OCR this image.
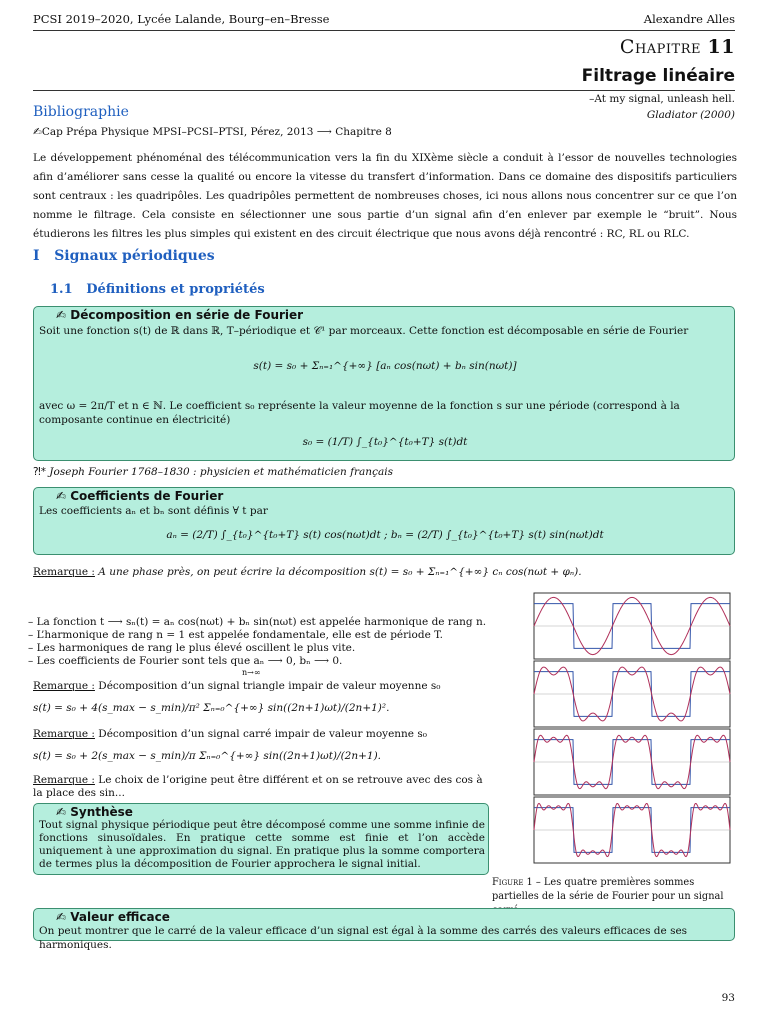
PCSI 2019–2020, Lycée Lalande, Bourg–en–Bresse	Alexandre Alles
Chapitre 11
Filtrage linéaire
–At my signal, unleash hell.
Gladiator (2000)
Bibliographie
✍Cap Prépa Physique MPSI–PCSI–PTSI, Pérez, 2013 ⟶ Chapitre 8
Le développement phénoménal des télécommunication vers la fin du XIXème siècle a conduit à l’essor de nouvelles technologies afin d’améliorer sans cesse la qualité ou encore la vitesse du transfert d’information. Dans ce domaine des dispositifs particuliers sont centraux : les quadripôles. Les quadripôles permettent de nombreuses choses, ici nous allons nous concentrer sur ce que l’on nomme le filtrage. Cela consiste en sélectionner une sous partie d’un signal afin d’en enlever par exemple le “bruit”. Nous étudierons les filtres les plus simples qui existent en des circuit électrique que nous avons déjà rencontré : RC, RL ou RLC.
I Signaux périodiques
1.1 Définitions et propriétés
✍ Décomposition en série de Fourier
Soit une fonction s(t) de ℝ dans ℝ, T–périodique et 𝒞¹ par morceaux. Cette fonction est décomposable en série de Fourier
s(t) = s₀ + Σₙ₌₁^{+∞} [aₙ cos(nωt) + bₙ sin(nωt)]
avec ω = 2π/T et n ∈ ℕ. Le coefficient s₀ représente la valeur moyenne de la fonction s sur une période (correspond à la composante continue en électricité)
s₀ = (1/T) ∫_{t₀}^{t₀+T} s(t)dt
⁈* Joseph Fourier 1768–1830 : physicien et mathématicien français
✍ Coefficients de Fourier
Les coefficients aₙ et bₙ sont définis ∀ t par
aₙ = (2/T) ∫_{t₀}^{t₀+T} s(t) cos(nωt)dt ; bₙ = (2/T) ∫_{t₀}^{t₀+T} s(t) sin(nωt)dt
Remarque : A une phase près, on peut écrire la décomposition s(t) = s₀ + Σₙ₌₁^{+∞} cₙ cos(nωt + φₙ).
– La fonction t ⟶ sₙ(t) = aₙ cos(nωt) + bₙ sin(nωt) est appelée harmonique de rang n.
– L’harmonique de rang n = 1 est appelée fondamentale, elle est de période T.
– Les harmoniques de rang le plus élevé oscillent le plus vite.
– Les coefficients de Fourier sont tels que aₙ ⟶ 0, bₙ ⟶ 0.
n→∞
Remarque : Décomposition d’un signal triangle impair de valeur moyenne s₀
s(t) = s₀ + 4(s_max − s_min)/π² Σₙ₌₀^{+∞} sin((2n+1)ωt)/(2n+1)².
Remarque : Décomposition d’un signal carré impair de valeur moyenne s₀
s(t) = s₀ + 2(s_max − s_min)/π Σₙ₌₀^{+∞} sin((2n+1)ωt)/(2n+1).
Remarque : Le choix de l’origine peut être différent et on se retrouve avec des cos à la place des sin...
✍ Synthèse
Tout signal physique périodique peut être décomposé comme une somme infinie de fonctions sinusoïdales. En pratique cette somme est finie et l’on accède uniquement à une approximation du signal. En pratique plus la somme comportera de termes plus la décomposition de Fourier approchera le signal initial.
Figure 1 – Les quatre premières sommes partielles de la série de Fourier pour un signal
✍ Valeur efficace
On peut montrer que le carré de la valeur efficace d’un signal est égal à la somme des carrés des valeurs efficaces de ses harmoniques.
93
